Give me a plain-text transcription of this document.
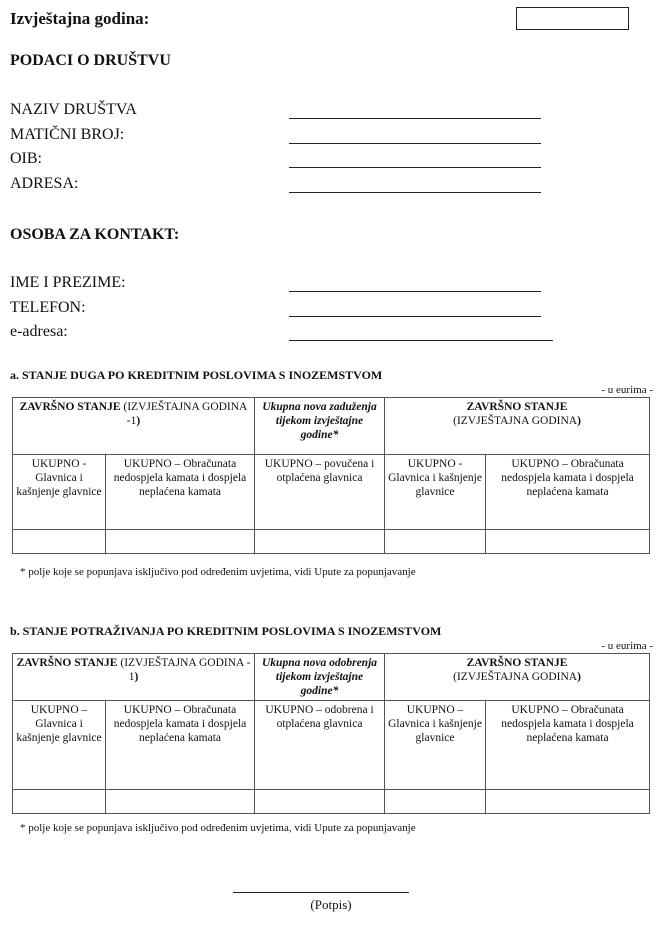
Izvještajna godina:
PODACI O DRUŠTVU
NAZIV DRUŠTVA
MATIČNI BROJ:
OIB:
ADRESA:
OSOBA ZA KONTAKT:
IME I PREZIME:
TELEFON:
e-adresa:
a. STANJE DUGA PO KREDITNIM POSLOVIMA S INOZEMSTVOM
- u eurima -
ZAVRŠNO STANJE (IZVJEŠTAJNA GODINA -1)		Ukupna nova zaduženja tijekom izvještajne godine*	ZAVRŠNO STANJE
(IZVJEŠTAJNA GODINA)	
UKUPNO - Glavnica i kašnjenje glavnice	UKUPNO – Obračunata nedospjela kamata i dospjela neplaćena kamata	UKUPNO – povučena i otplaćena glavnica	UKUPNO - Glavnica i kašnjenje glavnice	UKUPNO – Obračunata nedospjela kamata i dospjela neplaćena kamata

* polje koje se popunjava isključivo pod određenim uvjetima, vidi Upute za popunjavanje
b. STANJE POTRAŽIVANJA PO KREDITNIM POSLOVIMA S INOZEMSTVOM
- u eurima -
ZAVRŠNO STANJE (IZVJEŠTAJNA GODINA - 1)		Ukupna nova odobrenja tijekom izvještajne godine*	ZAVRŠNO STANJE
(IZVJEŠTAJNA GODINA)	
UKUPNO – Glavnica i kašnjenje glavnice	UKUPNO – Obračunata nedospjela kamata i dospjela neplaćena kamata	UKUPNO – odobrena i otplaćena glavnica	UKUPNO – Glavnica i kašnjenje glavnice	UKUPNO – Obračunata nedospjela kamata i dospjela neplaćena kamata

* polje koje se popunjava isključivo pod određenim uvjetima, vidi Upute za popunjavanje
(Potpis)
